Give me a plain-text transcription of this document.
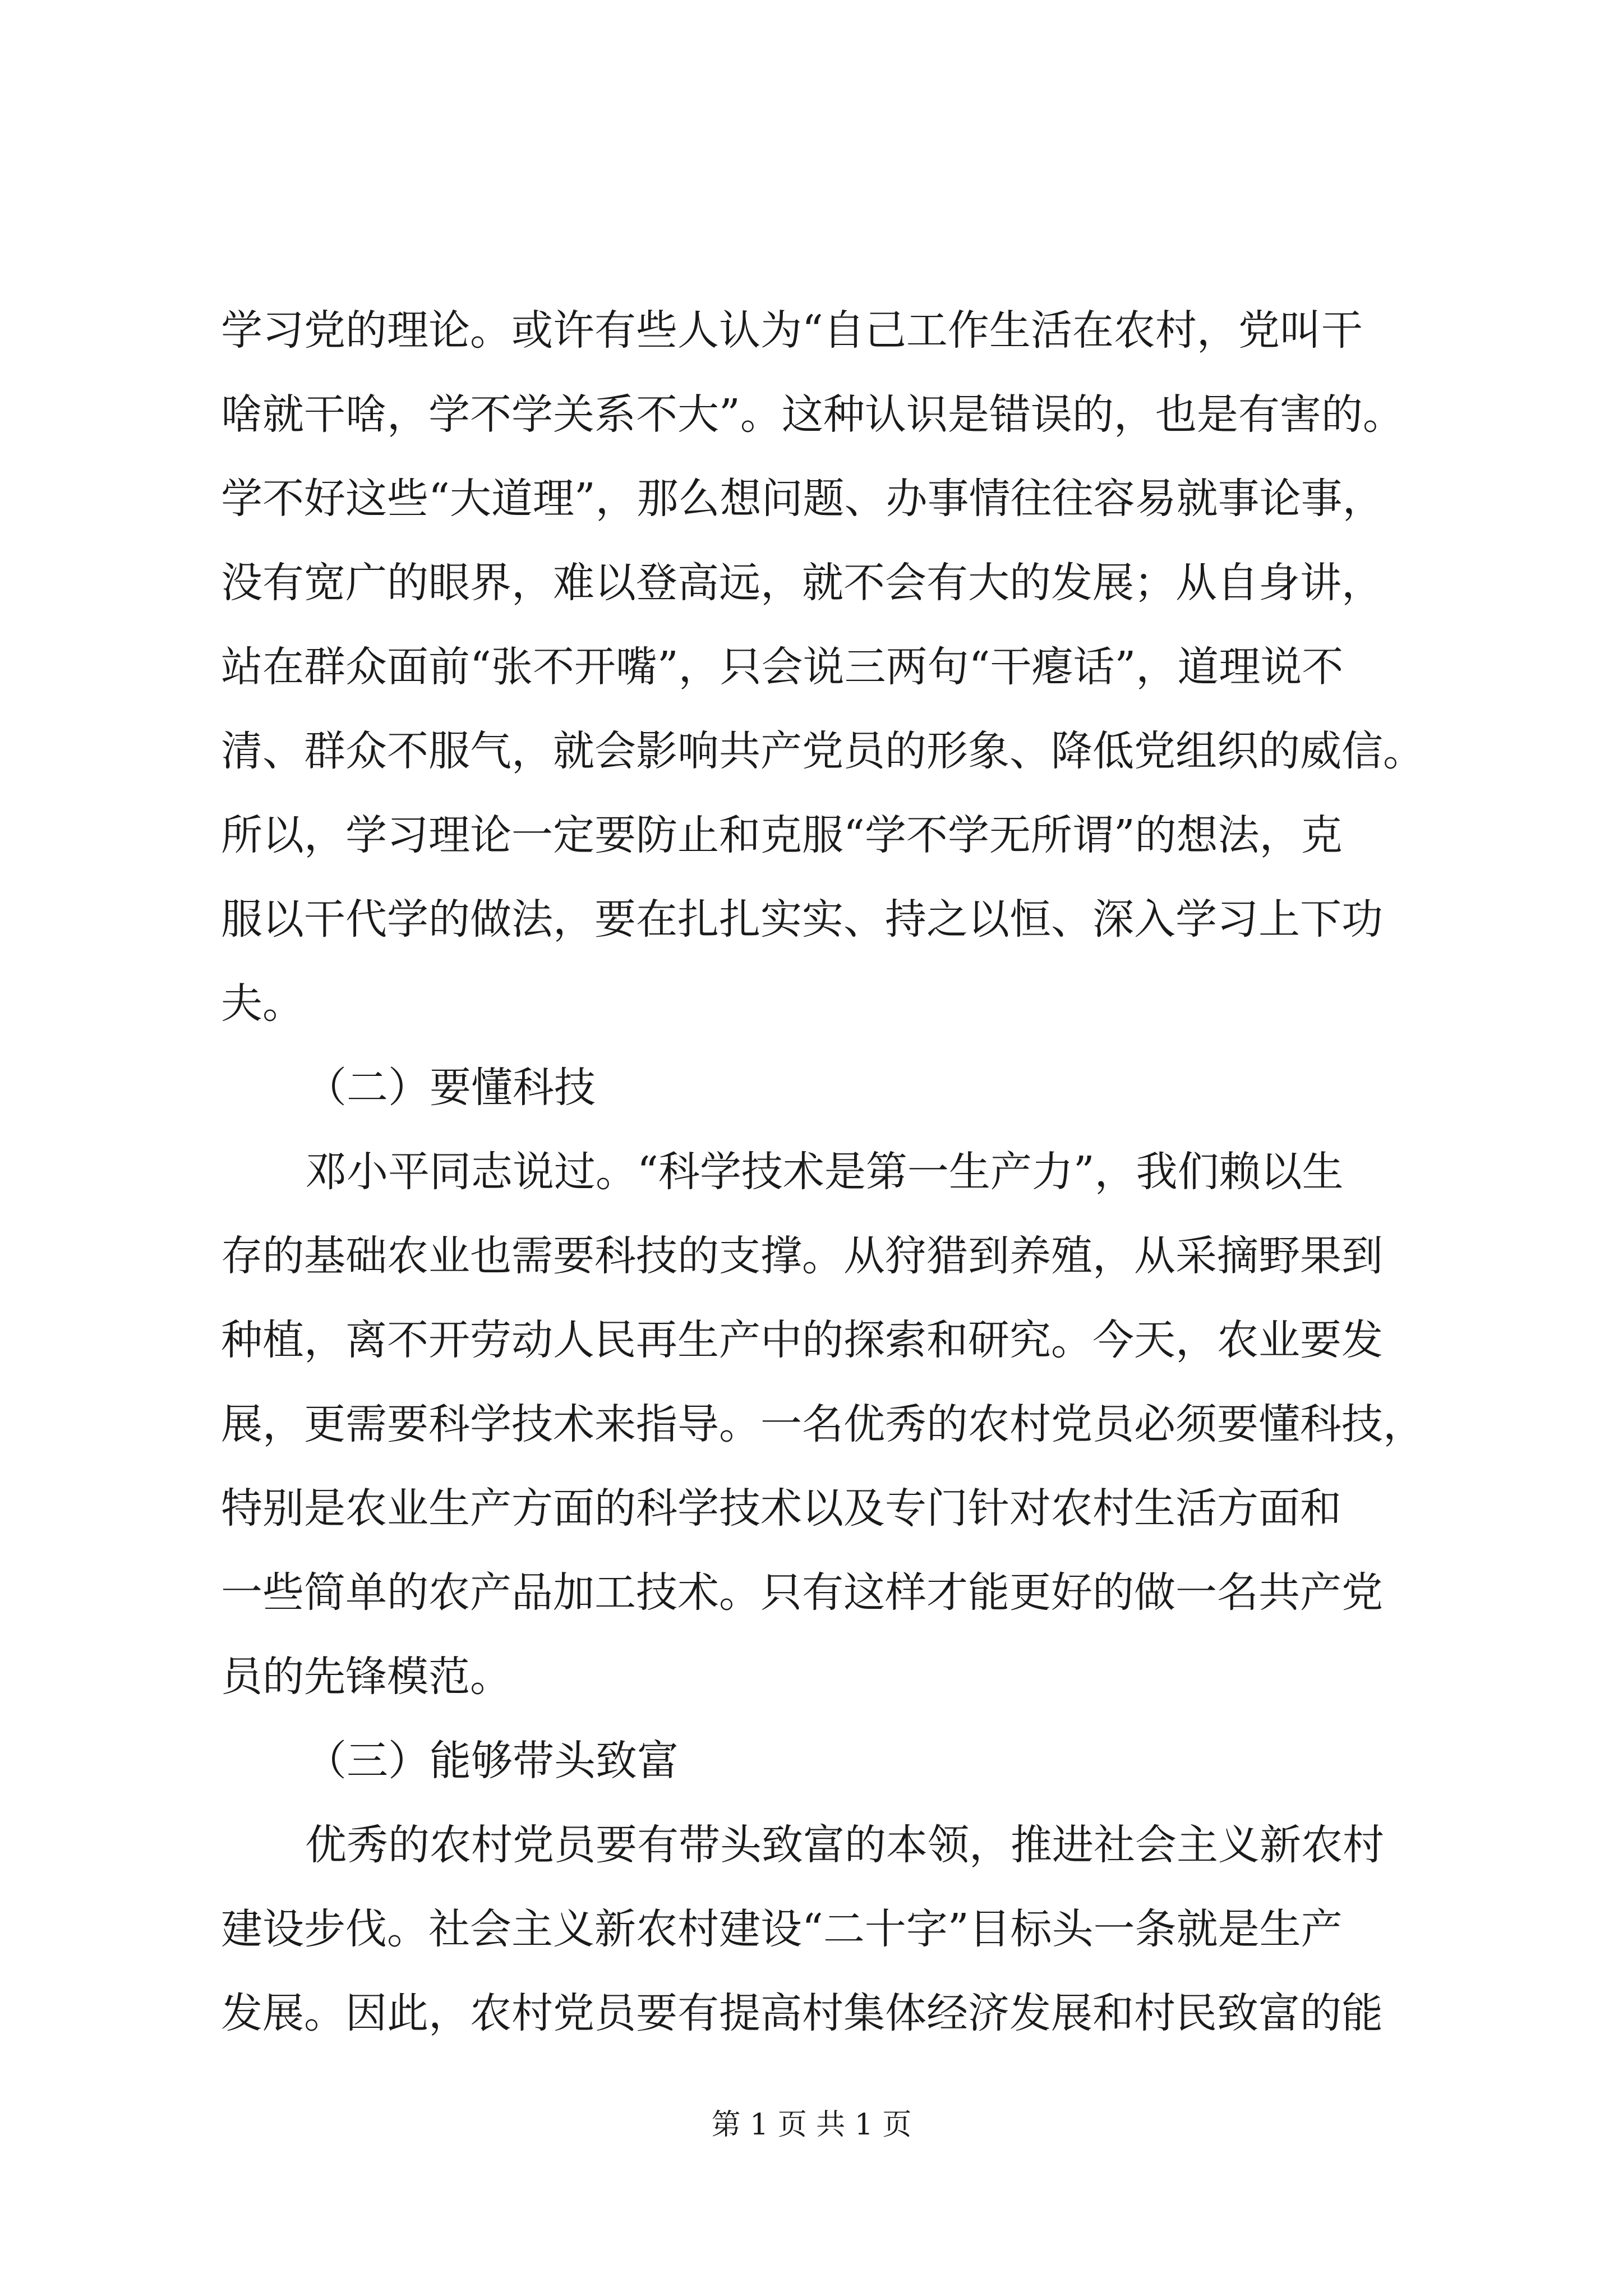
学习党的理论。或许有些人认为“自己工作生活在农村，党叫干
啥就干啥，学不学关系不大”。这种认识是错误的，也是有害的。
学不好这些“大道理”，那么想问题、办事情往往容易就事论事，
没有宽广的眼界，难以登高远，就不会有大的发展；从自身讲，
站在群众面前“张不开嘴”，只会说三两句“干瘪话”，道理说不
清、群众不服气，就会影响共产党员的形象、降低党组织的威信。
所以，学习理论一定要防止和克服“学不学无所谓”的想法，克
服以干代学的做法，要在扎扎实实、持之以恒、深入学习上下功
夫。
（二）要懂科技
邓小平同志说过。“科学技术是第一生产力”，我们赖以生
存的基础农业也需要科技的支撑。从狩猎到养殖，从采摘野果到
种植，离不开劳动人民再生产中的探索和研究。今天，农业要发
展，更需要科学技术来指导。一名优秀的农村党员必须要懂科技，
特别是农业生产方面的科学技术以及专门针对农村生活方面和
一些简单的农产品加工技术。只有这样才能更好的做一名共产党
员的先锋模范。
（三）能够带头致富
优秀的农村党员要有带头致富的本领，推进社会主义新农村
建设步伐。社会主义新农村建设“二十字”目标头一条就是生产
发展。因此，农村党员要有提高村集体经济发展和村民致富的能
第 1 页 共 1 页
